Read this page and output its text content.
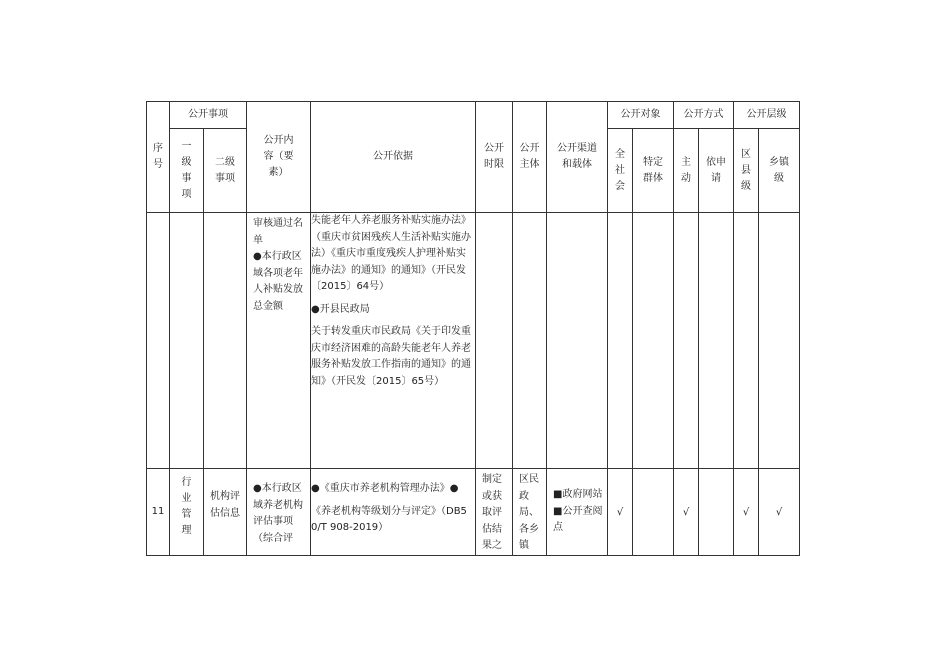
序号	公开事项		公开内容（要素）	公开依据	公开时限	公开主体	公开渠道和载体	公开对象		公开方式		公开层级	

	一级事项	二级事项						全社会	特定群体	主动	依申请	区县级	乡镇级

			审核通过名单
●本行政区域各项老年人补贴发放总金额	失能老年人养老服务补贴实施办法》（重庆市贫困残疾人生活补贴实施办法）《重庆市重度残疾人护理补贴实施办法》的通知》的通知》（开民发〔2015〕64号）
●开县民政局
关于转发重庆市民政局《关于印发重庆市经济困难的高龄失能老年人养老服务补贴发放工作指南的通知》的通知》（开民发〔2015〕65号）									

11	行业管理	机构评估信息	●本行政区域养老机构评估事项（综合评	●《重庆市养老机构管理办法》●
《养老机构等级划分与评定》（DB50/T 908-2019）	制定或获取评估结果之	区民政局、各乡镇	■政府网站 ■公开查阅点	√		√		√	√
